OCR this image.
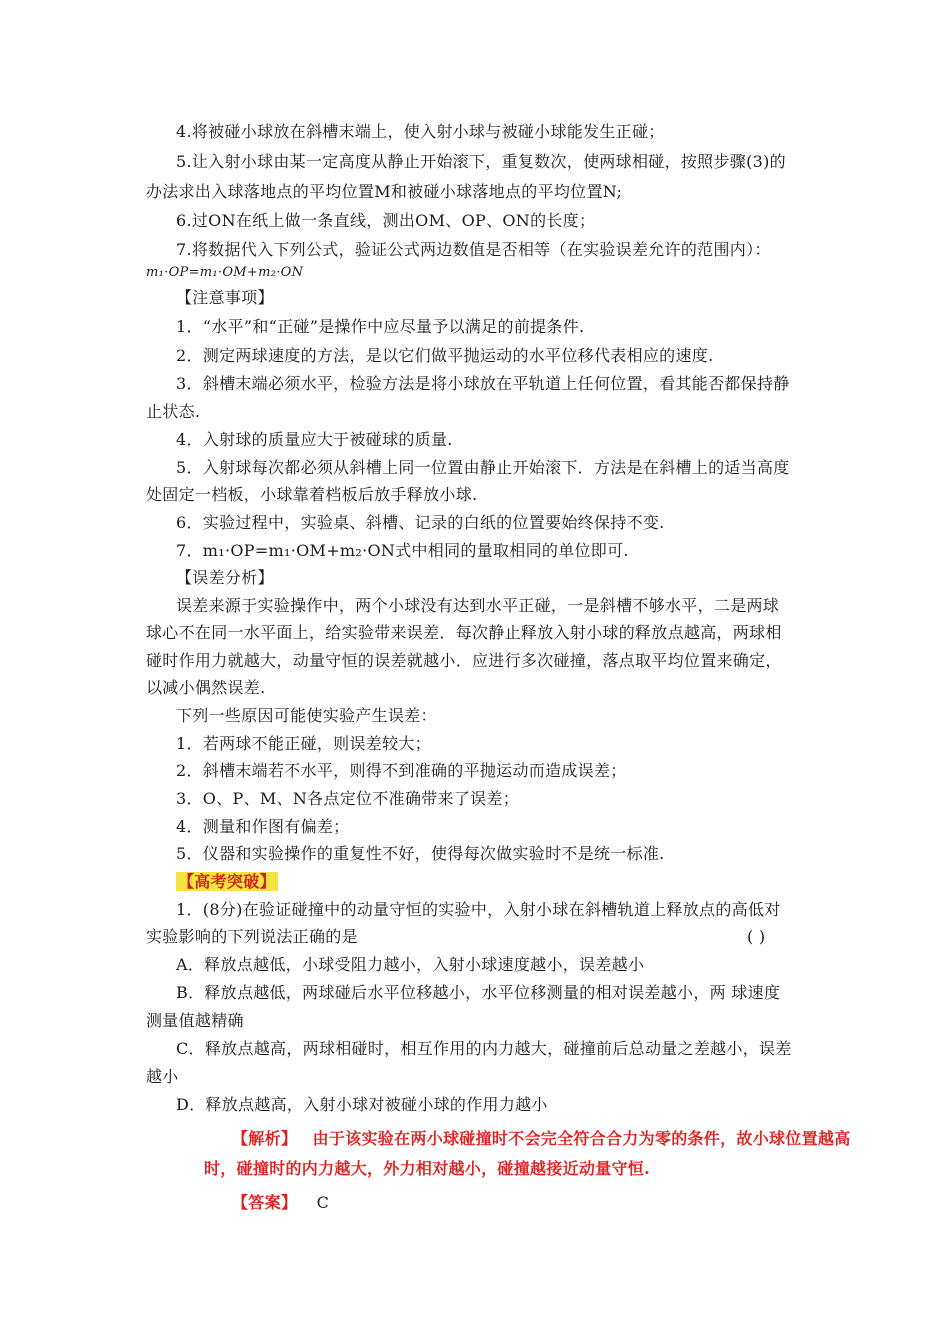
4.将被碰小球放在斜槽末端上，使入射小球与被碰小球能发生正碰；
5.让入射小球由某一定高度从静止开始滚下，重复数次，使两球相碰，按照步骤(3)的
办法求出入球落地点的平均位置M和被碰小球落地点的平均位置N;
6.过ON在纸上做一条直线，测出OM、OP、ON的长度；
7.将数据代入下列公式，验证公式两边数值是否相等（在实验误差允许的范围内）：
m₁·OP=m₁·OM+m₂·ON
【注意事项】
1．“水平”和“正碰”是操作中应尽量予以满足的前提条件.
2．测定两球速度的方法，是以它们做平抛运动的水平位移代表相应的速度.
3．斜槽末端必须水平，检验方法是将小球放在平轨道上任何位置，看其能否都保持静
止状态.
4．入射球的质量应大于被碰球的质量.
5．入射球每次都必须从斜槽上同一位置由静止开始滚下．方法是在斜槽上的适当高度
处固定一档板，小球靠着档板后放手释放小球.
6．实验过程中，实验桌、斜槽、记录的白纸的位置要始终保持不变.
7．m₁·OP=m₁·OM+m₂·ON式中相同的量取相同的单位即可.
【误差分析】
误差来源于实验操作中，两个小球没有达到水平正碰，一是斜槽不够水平，二是两球
球心不在同一水平面上，给实验带来误差．每次静止释放入射小球的释放点越高，两球相
碰时作用力就越大，动量守恒的误差就越小．应进行多次碰撞，落点取平均位置来确定，
以减小偶然误差.
下列一些原因可能使实验产生误差：
1．若两球不能正碰，则误差较大；
2．斜槽末端若不水平，则得不到准确的平抛运动而造成误差；
3．O、P、M、N各点定位不准确带来了误差；
4．测量和作图有偏差；
5．仪器和实验操作的重复性不好，使得每次做实验时不是统一标准.
【高考突破】
1．(8分)在验证碰撞中的动量守恒的实验中，入射小球在斜槽轨道上释放点的高低对
实验影响的下列说法正确的是	( )
A．释放点越低，小球受阻力越小，入射小球速度越小，误差越小
B．释放点越低，两球碰后水平位移越小，水平位移测量的相对误差越小，两 球速度
测量值越精确
C．释放点越高，两球相碰时，相互作用的内力越大，碰撞前后总动量之差越小，误差
越小
D．释放点越高，入射小球对被碰小球的作用力越小
【解析】 由于该实验在两小球碰撞时不会完全符合合力为零的条件，故小球位置越高
时，碰撞时的内力越大，外力相对越小，碰撞越接近动量守恒.
【答案】 C
